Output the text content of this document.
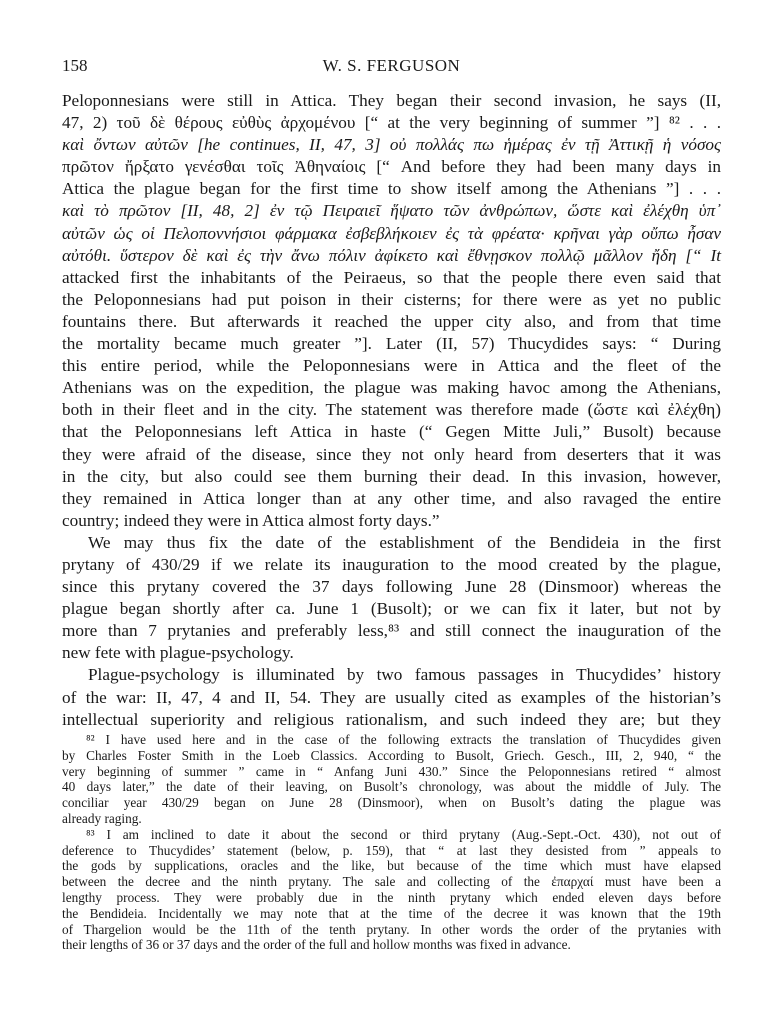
158	W. S. FERGUSON
Peloponnesians were still in Attica. They began their second invasion, he says (II,
47, 2) τοῦ δὲ θέρους εὐθὺς ἀρχομένου [“ at the very beginning of summer ”] ⁸² . . .
καὶ ὄντων αὐτῶν [he continues, II, 47, 3] οὐ πολλάς πω ἡμέρας ἐν τῇ Ἀττικῇ ἡ νόσος
πρῶτον ἤρξατο γενέσθαι τοῖς Ἀθηναίοις [“ And before they had been many days in
Attica the plague began for the first time to show itself among the Athenians ”] . . .
καὶ τὸ πρῶτον [II, 48, 2] ἐν τῷ Πειραιεῖ ἥψατο τῶν ἀνθρώπων, ὥστε καὶ ἐλέχθη ὑπ᾽
αὐτῶν ὡς οἱ Πελοποννήσιοι φάρμακα ἐσβεβλήκοιεν ἐς τὰ φρέατα· κρῆναι γὰρ οὔπω ἦσαν
αὐτόθι. ὕστερον δὲ καὶ ἐς τὴν ἄνω πόλιν ἀφίκετο καὶ ἔθνῃσκον πολλῷ μᾶλλον ἤδη [“ It
attacked first the inhabitants of the Peiraeus, so that the people there even said that
the Peloponnesians had put poison in their cisterns; for there were as yet no public
fountains there. But afterwards it reached the upper city also, and from that time
the mortality became much greater ”]. Later (II, 57) Thucydides says: “ During
this entire period, while the Peloponnesians were in Attica and the fleet of the
Athenians was on the expedition, the plague was making havoc among the Athenians,
both in their fleet and in the city. The statement was therefore made (ὥστε καὶ ἐλέχθη)
that the Peloponnesians left Attica in haste (“ Gegen Mitte Juli,” Busolt) because
they were afraid of the disease, since they not only heard from deserters that it was
in the city, but also could see them burning their dead. In this invasion, however,
they remained in Attica longer than at any other time, and also ravaged the entire
country; indeed they were in Attica almost forty days.”
We may thus fix the date of the establishment of the Bendideia in the first
prytany of 430/29 if we relate its inauguration to the mood created by the plague,
since this prytany covered the 37 days following June 28 (Dinsmoor) whereas the
plague began shortly after ca. June 1 (Busolt); or we can fix it later, but not by
more than 7 prytanies and preferably less,⁸³ and still connect the inauguration of the
new fete with plague-psychology.
Plague-psychology is illuminated by two famous passages in Thucydides’ history
of the war: II, 47, 4 and II, 54. They are usually cited as examples of the historian’s
intellectual superiority and religious rationalism, and such indeed they are; but they
⁸² I have used here and in the case of the following extracts the translation of Thucydides given
by Charles Foster Smith in the Loeb Classics. According to Busolt, Griech. Gesch., III, 2, 940, “ the
very beginning of summer ” came in “ Anfang Juni 430.” Since the Peloponnesians retired “ almost
40 days later,” the date of their leaving, on Busolt’s chronology, was about the middle of July. The
conciliar year 430/29 began on June 28 (Dinsmoor), when on Busolt’s dating the plague was
already raging.
⁸³ I am inclined to date it about the second or third prytany (Aug.-Sept.-Oct. 430), not out of
deference to Thucydides’ statement (below, p. 159), that “ at last they desisted from ” appeals to
the gods by supplications, oracles and the like, but because of the time which must have elapsed
between the decree and the ninth prytany. The sale and collecting of the ἐπαρχαί must have been a
lengthy process. They were probably due in the ninth prytany which ended eleven days before
the Bendideia. Incidentally we may note that at the time of the decree it was known that the 19th
of Thargelion would be the 11th of the tenth prytany. In other words the order of the prytanies with
their lengths of 36 or 37 days and the order of the full and hollow months was fixed in advance.
